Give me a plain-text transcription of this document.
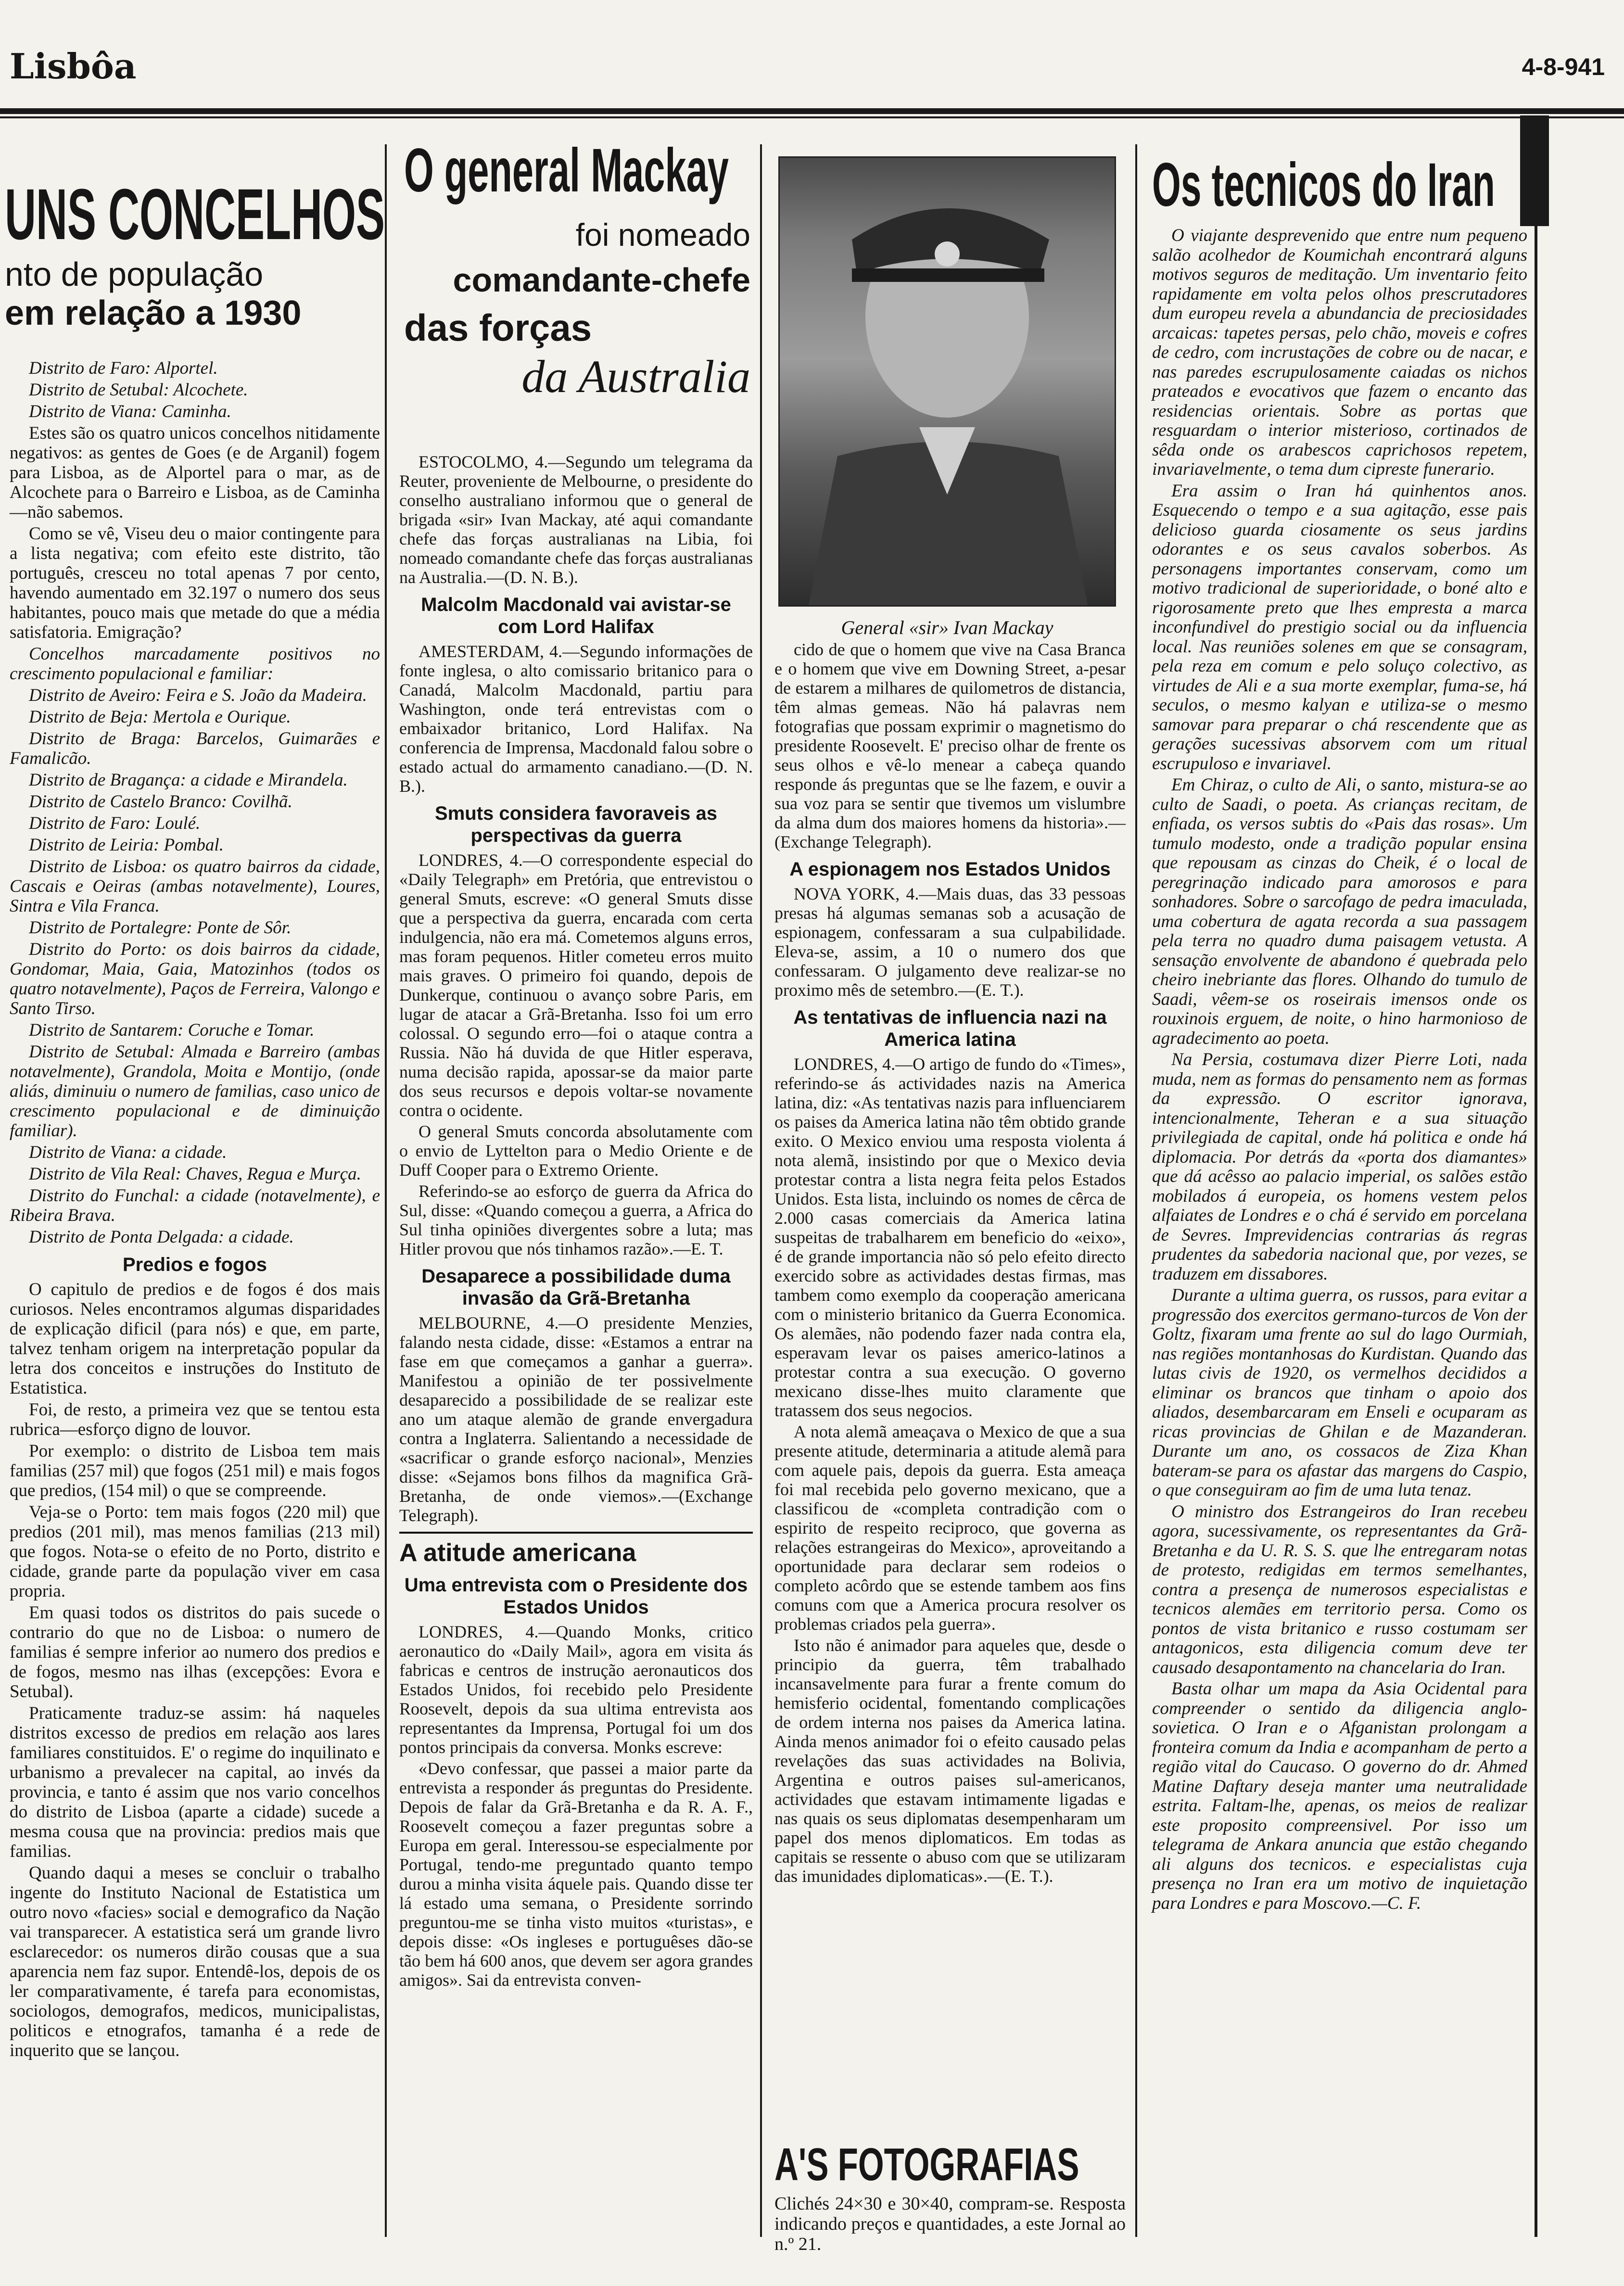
Lisbôa	4-8-941
UNS CONCELHOS
nto de população
em relação a 1930

Distrito de Faro: Alportel.

Distrito de Setubal: Alcochete.

Distrito de Viana: Caminha.

Estes são os quatro unicos concelhos nitidamente negativos: as gentes de Goes (e de Arganil) fogem para Lisboa, as de Alportel para o mar, as de Alcochete para o Barreiro e Lisboa, as de Caminha—não sabemos.

Como se vê, Viseu deu o maior contingente para a lista negativa; com efeito este distrito, tão português, cresceu no total apenas 7 por cento, havendo aumentado em 32.197 o numero dos seus habitantes, pouco mais que metade do que a média satisfatoria. Emigração?

Concelhos marcadamente positivos no crescimento populacional e familiar:

Distrito de Aveiro: Feira e S. João da Madeira.

Distrito de Beja: Mertola e Ourique.

Distrito de Braga: Barcelos, Guimarães e Famalicão.

Distrito de Bragança: a cidade e Mirandela.

Distrito de Castelo Branco: Covilhã.

Distrito de Faro: Loulé.

Distrito de Leiria: Pombal.

Distrito de Lisboa: os quatro bairros da cidade, Cascais e Oeiras (ambas notavelmente), Loures, Sintra e Vila Franca.

Distrito de Portalegre: Ponte de Sôr.

Distrito do Porto: os dois bairros da cidade, Gondomar, Maia, Gaia, Matozinhos (todos os quatro notavelmente), Paços de Ferreira, Valongo e Santo Tirso.

Distrito de Santarem: Coruche e Tomar.

Distrito de Setubal: Almada e Barreiro (ambas notavelmente), Grandola, Moita e Montijo, (onde aliás, diminuiu o numero de familias, caso unico de crescimento populacional e de diminuição familiar).

Distrito de Viana: a cidade.

Distrito de Vila Real: Chaves, Regua e Murça.

Distrito do Funchal: a cidade (notavelmente), e Ribeira Brava.

Distrito de Ponta Delgada: a cidade.

Predios e fogos

O capitulo de predios e de fogos é dos mais curiosos. Neles encontramos algumas disparidades de explicação dificil (para nós) e que, em parte, talvez tenham origem na interpretação popular da letra dos conceitos e instruções do Instituto de Estatistica.

Foi, de resto, a primeira vez que se tentou esta rubrica—esforço digno de louvor.

Por exemplo: o distrito de Lisboa tem mais familias (257 mil) que fogos (251 mil) e mais fogos que predios, (154 mil) o que se compreende.

Veja-se o Porto: tem mais fogos (220 mil) que predios (201 mil), mas menos familias (213 mil) que fogos. Nota-se o efeito de no Porto, distrito e cidade, grande parte da população viver em casa propria.

Em quasi todos os distritos do pais sucede o contrario do que no de Lisboa: o numero de familias é sempre inferior ao numero dos predios e de fogos, mesmo nas ilhas (excepções: Evora e Setubal).

Praticamente traduz-se assim: há naqueles distritos excesso de predios em relação aos lares familiares constituidos. E' o regime do inquilinato e urbanismo a prevalecer na capital, ao invés da provincia, e tanto é assim que nos vario concelhos do distrito de Lisboa (aparte a cidade) sucede a mesma cousa que na provincia: predios mais que familias.

Quando daqui a meses se concluir o trabalho ingente do Instituto Nacional de Estatistica um outro novo «facies» social e demografico da Nação vai transparecer. A estatistica será um grande livro esclarecedor: os numeros dirão cousas que a sua aparencia nem faz supor. Entendê-los, depois de os ler comparativamente, é tarefa para economistas, sociologos, demografos, medicos, municipalistas, politicos e etnografos, tamanha é a rede de inquerito que se lançou.

O general Mackay
foi nomeado
comandante-chefe
das forças
da Australia

ESTOCOLMO, 4.—Segundo um telegrama da Reuter, proveniente de Melbourne, o presidente do conselho australiano informou que o general de brigada «sir» Ivan Mackay, até aqui comandante chefe das forças australianas na Libia, foi nomeado comandante chefe das forças australianas na Australia.—(D. N. B.).

Malcolm Macdonald vai avistar-se com Lord Halifax

AMESTERDAM, 4.—Segundo informações de fonte inglesa, o alto comissario britanico para o Canadá, Malcolm Macdonald, partiu para Washington, onde terá entrevistas com o embaixador britanico, Lord Halifax. Na conferencia de Imprensa, Macdonald falou sobre o estado actual do armamento canadiano.—(D. N. B.).

Smuts considera favoraveis as perspectivas da guerra

LONDRES, 4.—O correspondente especial do «Daily Telegraph» em Pretória, que entrevistou o general Smuts, escreve: «O general Smuts disse que a perspectiva da guerra, encarada com certa indulgencia, não era má. Cometemos alguns erros, mas foram pequenos. Hitler cometeu erros muito mais graves. O primeiro foi quando, depois de Dunkerque, continuou o avanço sobre Paris, em lugar de atacar a Grã-Bretanha. Isso foi um erro colossal. O segundo erro—foi o ataque contra a Russia. Não há duvida de que Hitler esperava, numa decisão rapida, apossar-se da maior parte dos seus recursos e depois voltar-se novamente contra o ocidente.

O general Smuts concorda absolutamente com o envio de Lyttelton para o Medio Oriente e de Duff Cooper para o Extremo Oriente.

Referindo-se ao esforço de guerra da Africa do Sul, disse: «Quando começou a guerra, a Africa do Sul tinha opiniões divergentes sobre a luta; mas Hitler provou que nós tinhamos razão».—E. T.

Desaparece a possibilidade duma invasão da Grã-Bretanha

MELBOURNE, 4.—O presidente Menzies, falando nesta cidade, disse: «Estamos a entrar na fase em que começamos a ganhar a guerra». Manifestou a opinião de ter possivelmente desaparecido a possibilidade de se realizar este ano um ataque alemão de grande envergadura contra a Inglaterra. Salientando a necessidade de «sacrificar o grande esforço nacional», Menzies disse: «Sejamos bons filhos da magnifica Grã-Bretanha, de onde viemos».—(Exchange Telegraph).

A atitude americana
Uma entrevista com o Presidente dos Estados Unidos

LONDRES, 4.—Quando Monks, critico aeronautico do «Daily Mail», agora em visita ás fabricas e centros de instrução aeronauticos dos Estados Unidos, foi recebido pelo Presidente Roosevelt, depois da sua ultima entrevista aos representantes da Imprensa, Portugal foi um dos pontos principais da conversa. Monks escreve:

«Devo confessar, que passei a maior parte da entrevista a responder ás preguntas do Presidente. Depois de falar da Grã-Bretanha e da R. A. F., Roosevelt começou a fazer preguntas sobre a Europa em geral. Interessou-se especialmente por Portugal, tendo-me preguntado quanto tempo durou a minha visita áquele pais. Quando disse ter lá estado uma semana, o Presidente sorrindo preguntou-me se tinha visto muitos «turistas», e depois disse: «Os ingleses e portuguêses dão-se tão bem há 600 anos, que devem ser agora grandes amigos». Sai da entrevista conven-

General «sir» Ivan Mackay

cido de que o homem que vive na Casa Branca e o homem que vive em Downing Street, a-pesar de estarem a milhares de quilometros de distancia, têm almas gemeas. Não há palavras nem fotografias que possam exprimir o magnetismo do presidente Roosevelt. E' preciso olhar de frente os seus olhos e vê-lo menear a cabeça quando responde ás preguntas que se lhe fazem, e ouvir a sua voz para se sentir que tivemos um vislumbre da alma dum dos maiores homens da historia».—(Exchange Telegraph).

A espionagem nos Estados Unidos

NOVA YORK, 4.—Mais duas, das 33 pessoas presas há algumas semanas sob a acusação de espionagem, confessaram a sua culpabilidade. Eleva-se, assim, a 10 o numero dos que confessaram. O julgamento deve realizar-se no proximo mês de setembro.—(E. T.).

As tentativas de influencia nazi na America latina

LONDRES, 4.—O artigo de fundo do «Times», referindo-se ás actividades nazis na America latina, diz: «As tentativas nazis para influenciarem os paises da America latina não têm obtido grande exito. O Mexico enviou uma resposta violenta á nota alemã, insistindo por que o Mexico devia protestar contra a lista negra feita pelos Estados Unidos. Esta lista, incluindo os nomes de cêrca de 2.000 casas comerciais da America latina suspeitas de trabalharem em beneficio do «eixo», é de grande importancia não só pelo efeito directo exercido sobre as actividades destas firmas, mas tambem como exemplo da cooperação americana com o ministerio britanico da Guerra Economica. Os alemães, não podendo fazer nada contra ela, esperavam levar os paises americo-latinos a protestar contra a sua execução. O governo mexicano disse-lhes muito claramente que tratassem dos seus negocios.

A nota alemã ameaçava o Mexico de que a sua presente atitude, determinaria a atitude alemã para com aquele pais, depois da guerra. Esta ameaça foi mal recebida pelo governo mexicano, que a classificou de «completa contradição com o espirito de respeito reciproco, que governa as relações estrangeiras do Mexico», aproveitando a oportunidade para declarar sem rodeios o completo acôrdo que se estende tambem aos fins comuns com que a America procura resolver os problemas criados pela guerra».

Isto não é animador para aqueles que, desde o principio da guerra, têm trabalhado incansavelmente para furar a frente comum do hemisferio ocidental, fomentando complicações de ordem interna nos paises da America latina. Ainda menos animador foi o efeito causado pelas revelações das suas actividades na Bolivia, Argentina e outros paises sul-americanos, actividades que estavam intimamente ligadas e nas quais os seus diplomatas desempenharam um papel dos menos diplomaticos. Em todas as capitais se ressente o abuso com que se utilizaram das imunidades diplomaticas».—(E. T.).

A'S FOTOGRAFIAS
Clichés 24×30 e 30×40, compram-se. Resposta indicando preços e quantidades, a este Jornal ao n.º 21.
Os tecnicos do Iran

O viajante desprevenido que entre num pequeno salão acolhedor de Koumichah encontrará alguns motivos seguros de meditação. Um inventario feito rapidamente em volta pelos olhos prescrutadores dum europeu revela a abundancia de preciosidades arcaicas: tapetes persas, pelo chão, moveis e cofres de cedro, com incrustações de cobre ou de nacar, e nas paredes escrupulosamente caiadas os nichos prateados e evocativos que fazem o encanto das residencias orientais. Sobre as portas que resguardam o interior misterioso, cortinados de sêda onde os arabescos caprichosos repetem, invariavelmente, o tema dum cipreste funerario.

Era assim o Iran há quinhentos anos. Esquecendo o tempo e a sua agitação, esse pais delicioso guarda ciosamente os seus jardins odorantes e os seus cavalos soberbos. As personagens importantes conservam, como um motivo tradicional de superioridade, o boné alto e rigorosamente preto que lhes empresta a marca inconfundivel do prestigio social ou da influencia local. Nas reuniões solenes em que se consagram, pela reza em comum e pelo soluço colectivo, as virtudes de Ali e a sua morte exemplar, fuma-se, há seculos, o mesmo kalyan e utiliza-se o mesmo samovar para preparar o chá rescendente que as gerações sucessivas absorvem com um ritual escrupuloso e invariavel.

Em Chiraz, o culto de Ali, o santo, mistura-se ao culto de Saadi, o poeta. As crianças recitam, de enfiada, os versos subtis do «Pais das rosas». Um tumulo modesto, onde a tradição popular ensina que repousam as cinzas do Cheik, é o local de peregrinação indicado para amorosos e para sonhadores. Sobre o sarcofago de pedra imaculada, uma cobertura de agata recorda a sua passagem pela terra no quadro duma paisagem vetusta. A sensação envolvente de abandono é quebrada pelo cheiro inebriante das flores. Olhando do tumulo de Saadi, vêem-se os roseirais imensos onde os rouxinois erguem, de noite, o hino harmonioso de agradecimento ao poeta.

Na Persia, costumava dizer Pierre Loti, nada muda, nem as formas do pensamento nem as formas da expressão. O escritor ignorava, intencionalmente, Teheran e a sua situação privilegiada de capital, onde há politica e onde há diplomacia. Por detrás da «porta dos diamantes» que dá acêsso ao palacio imperial, os salões estão mobilados á europeia, os homens vestem pelos alfaiates de Londres e o chá é servido em porcelana de Sevres. Imprevidencias contrarias ás regras prudentes da sabedoria nacional que, por vezes, se traduzem em dissabores.

Durante a ultima guerra, os russos, para evitar a progressão dos exercitos germano-turcos de Von der Goltz, fixaram uma frente ao sul do lago Ourmiah, nas regiões montanhosas do Kurdistan. Quando das lutas civis de 1920, os vermelhos decididos a eliminar os brancos que tinham o apoio dos aliados, desembarcaram em Enseli e ocuparam as ricas provincias de Ghilan e de Mazanderan. Durante um ano, os cossacos de Ziza Khan bateram-se para os afastar das margens do Caspio, o que conseguiram ao fim de uma luta tenaz.

O ministro dos Estrangeiros do Iran recebeu agora, sucessivamente, os representantes da Grã-Bretanha e da U. R. S. S. que lhe entregaram notas de protesto, redigidas em termos semelhantes, contra a presença de numerosos especialistas e tecnicos alemães em territorio persa. Como os pontos de vista britanico e russo costumam ser antagonicos, esta diligencia comum deve ter causado desapontamento na chancelaria do Iran.

Basta olhar um mapa da Asia Ocidental para compreender o sentido da diligencia anglo-sovietica. O Iran e o Afganistan prolongam a fronteira comum da India e acompanham de perto a região vital do Caucaso. O governo do dr. Ahmed Matine Daftary deseja manter uma neutralidade estrita. Faltam-lhe, apenas, os meios de realizar este proposito compreensivel. Por isso um telegrama de Ankara anuncia que estão chegando ali alguns dos tecnicos. e especialistas cuja presença no Iran era um motivo de inquietação para Londres e para Moscovo.—C. F.
